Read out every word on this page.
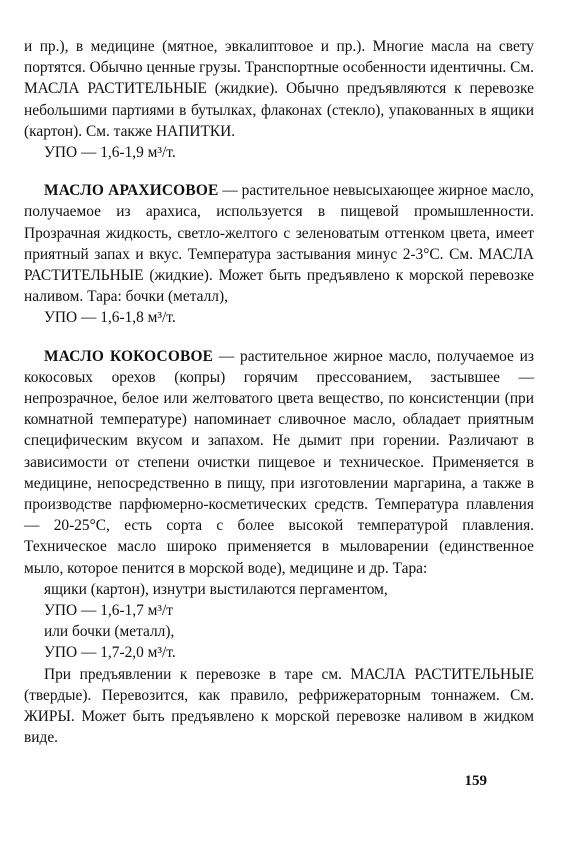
и пр.), в медицине (мятное, эвкалиптовое и пр.). Многие масла на свету портятся. Обычно ценные грузы. Транспортные особенности идентичны. См. МАСЛА РАСТИТЕЛЬНЫЕ (жидкие). Обычно предъявляются к перевозке небольшими партиями в бутылках, флаконах (стекло), упакованных в ящики (картон). См. также НАПИТКИ.

УПО — 1,6-1,9 м³/т.

МАСЛО АРАХИСОВОЕ — растительное невысыхающее жирное масло, получаемое из арахиса, используется в пищевой промышленности. Прозрачная жидкость, светло-желтого с зеленоватым оттенком цвета, имеет приятный запах и вкус. Температура застывания минус 2-3°С. См. МАСЛА РАСТИТЕЛЬНЫЕ (жидкие). Может быть предъявлено к морской перевозке наливом. Тара: бочки (металл),

УПО — 1,6-1,8 м³/т.

МАСЛО КОКОСОВОЕ — растительное жирное масло, получаемое из кокосовых орехов (копры) горячим прессованием, застывшее — непрозрачное, белое или желтоватого цвета вещество, по консистенции (при комнатной температуре) напоминает сливочное масло, обладает приятным специфическим вкусом и запахом. Не дымит при горении. Различают в зависимости от степени очистки пищевое и техническое. Применяется в медицине, непосредственно в пищу, при изготовлении маргарина, а также в производстве парфюмерно-косметических средств. Температура плавления — 20-25°С, есть сорта с более высокой температурой плавления. Техническое масло широко применяется в мыловарении (единственное мыло, которое пенится в морской воде), медицине и др. Тара:

ящики (картон), изнутри выстилаются пергаментом,

УПО — 1,6-1,7 м³/т

или бочки (металл),

УПО — 1,7-2,0 м³/т.

При предъявлении к перевозке в таре см. МАСЛА РАСТИТЕЛЬНЫЕ (твердые). Перевозится, как правило, рефрижераторным тоннажем. См. ЖИРЫ. Может быть предъявлено к морской перевозке наливом в жидком виде.

159
